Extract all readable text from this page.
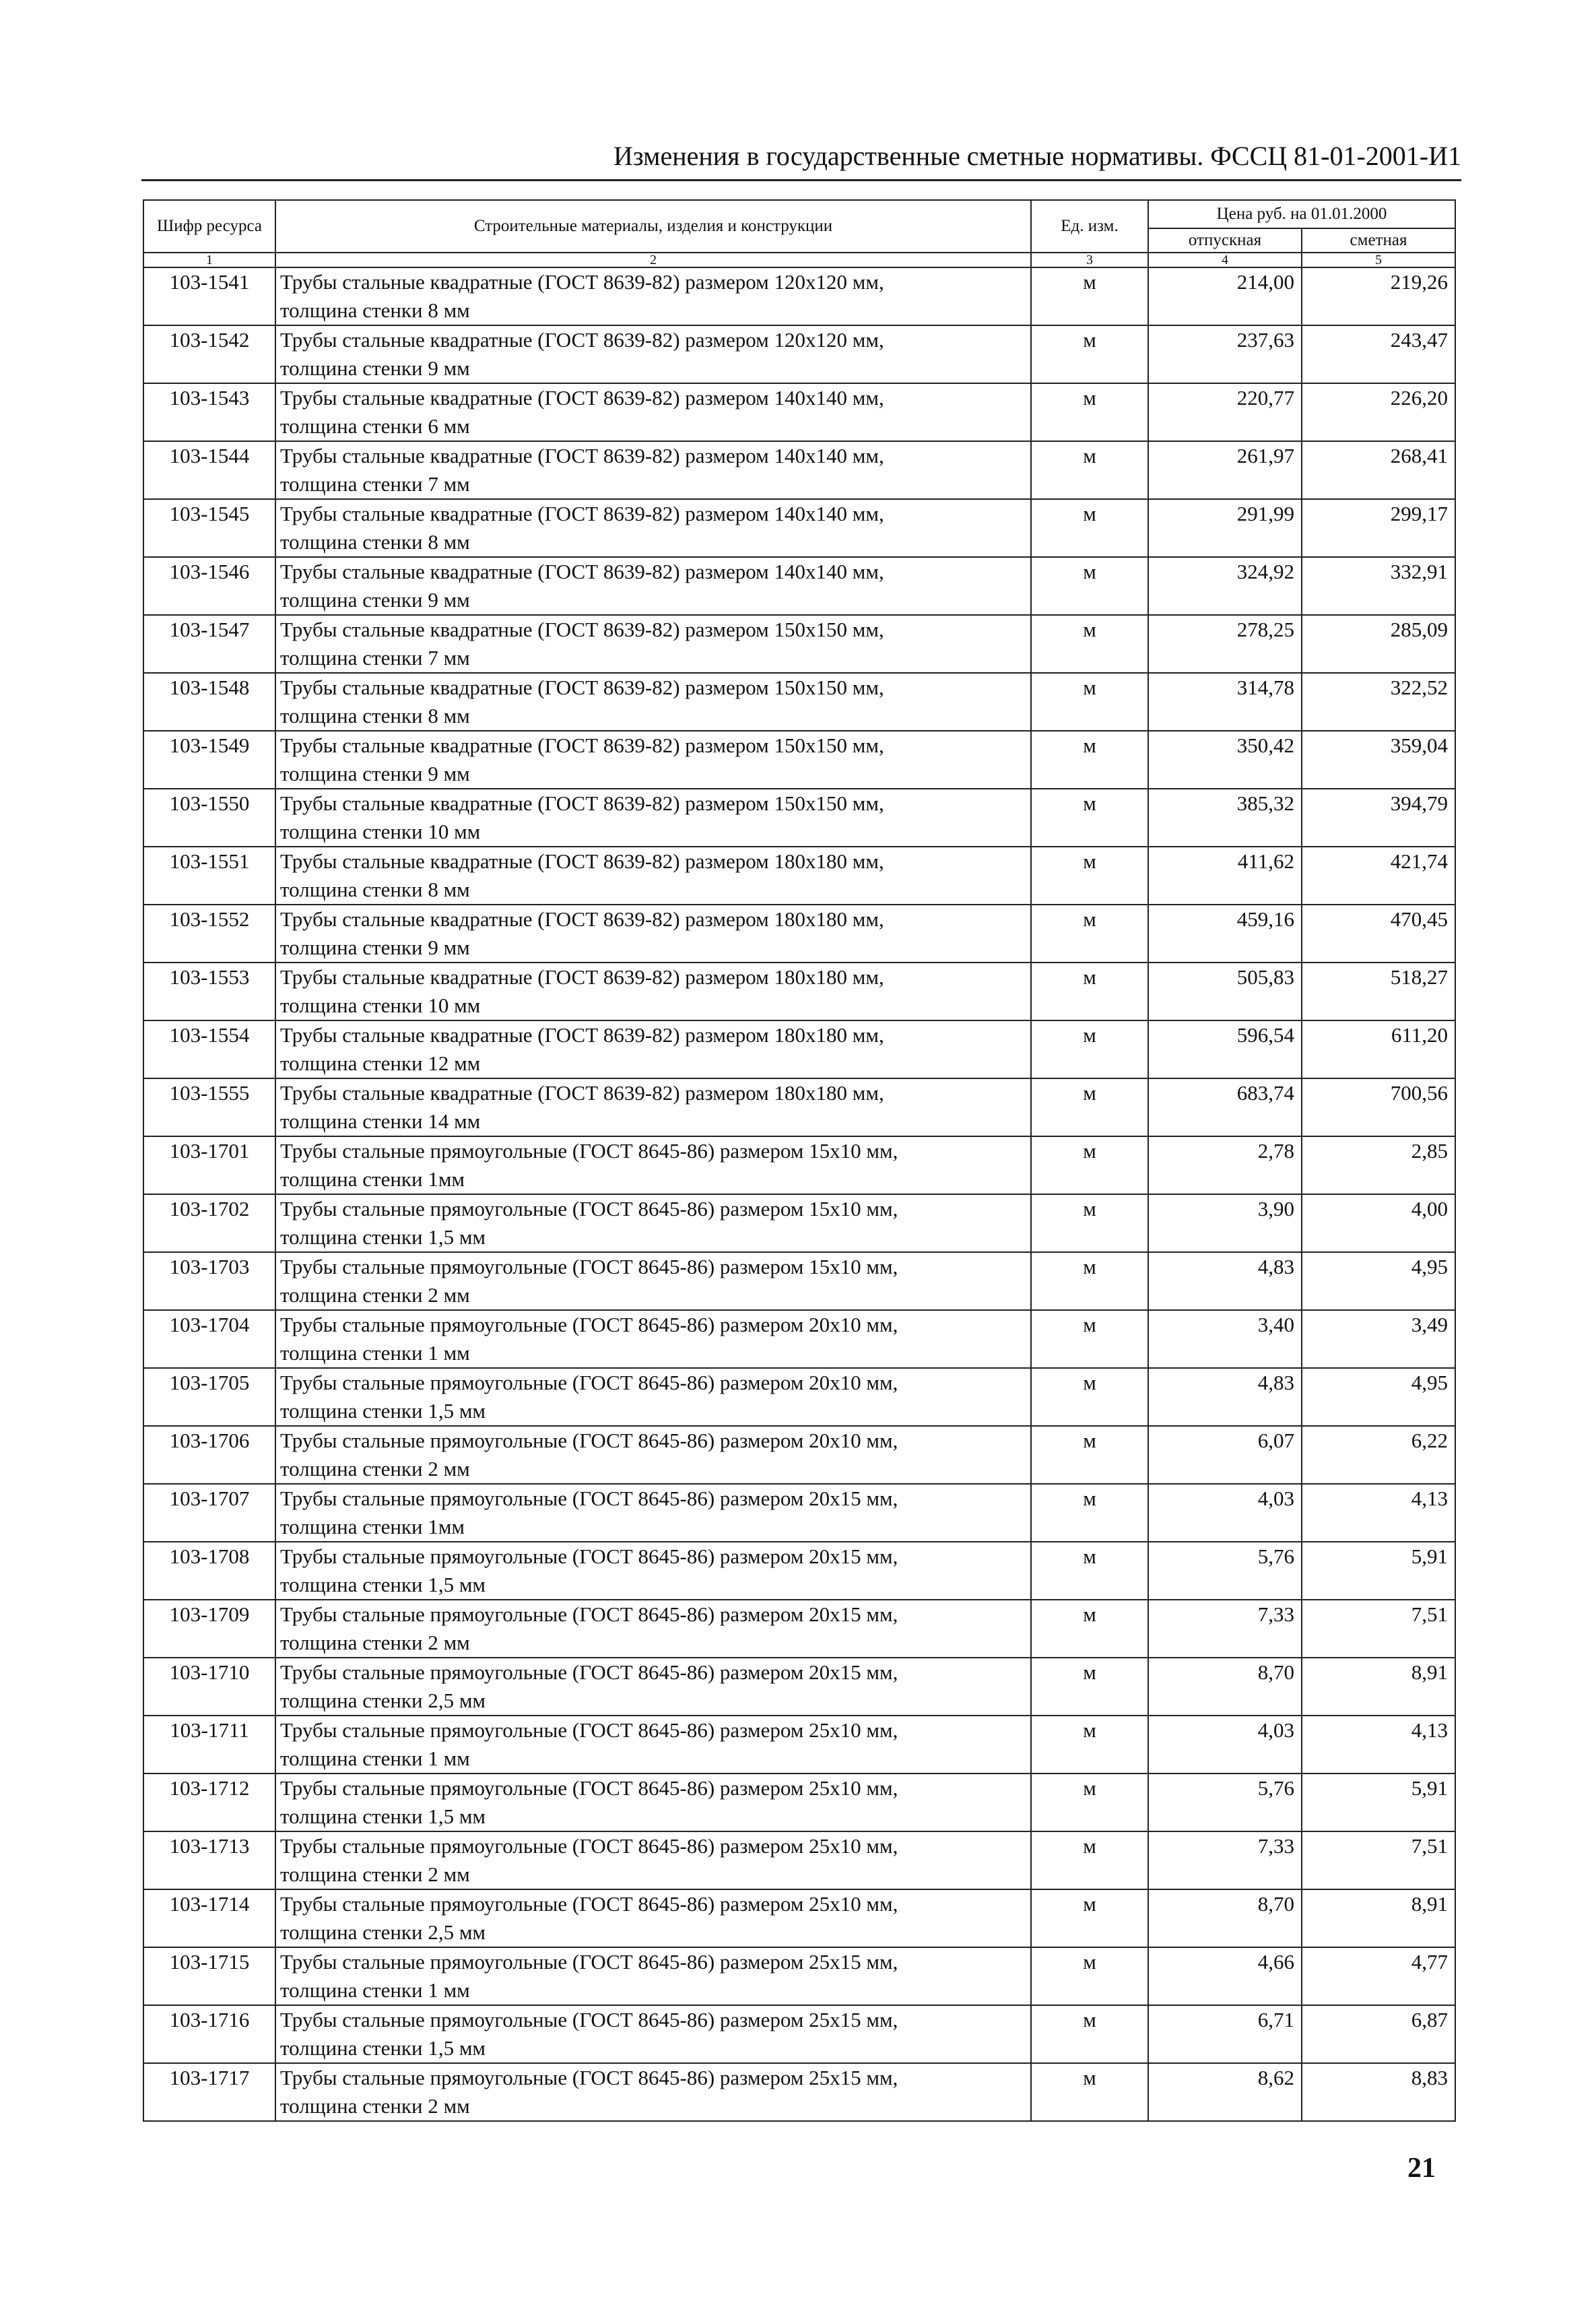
Изменения в государственные сметные нормативы. ФССЦ 81-01-2001-И1
Шифр ресурса	Строительные материалы, изделия и конструкции	Ед. изм.	Цена руб. на 01.01.2000	
			отпускная	сметная
1	2	3	4	5
103-1541	Трубы стальные квадратные (ГОСТ 8639-82) размером 120х120 мм,
толщина стенки 8 мм	м	214,00	219,26
103-1542	Трубы стальные квадратные (ГОСТ 8639-82) размером 120х120 мм,
толщина стенки 9 мм	м	237,63	243,47
103-1543	Трубы стальные квадратные (ГОСТ 8639-82) размером 140х140 мм,
толщина стенки 6 мм	м	220,77	226,20
103-1544	Трубы стальные квадратные (ГОСТ 8639-82) размером 140х140 мм,
толщина стенки 7 мм	м	261,97	268,41
103-1545	Трубы стальные квадратные (ГОСТ 8639-82) размером 140х140 мм,
толщина стенки 8 мм	м	291,99	299,17
103-1546	Трубы стальные квадратные (ГОСТ 8639-82) размером 140х140 мм,
толщина стенки 9 мм	м	324,92	332,91
103-1547	Трубы стальные квадратные (ГОСТ 8639-82) размером 150х150 мм,
толщина стенки 7 мм	м	278,25	285,09
103-1548	Трубы стальные квадратные (ГОСТ 8639-82) размером 150х150 мм,
толщина стенки 8 мм	м	314,78	322,52
103-1549	Трубы стальные квадратные (ГОСТ 8639-82) размером 150х150 мм,
толщина стенки 9 мм	м	350,42	359,04
103-1550	Трубы стальные квадратные (ГОСТ 8639-82) размером 150х150 мм,
толщина стенки 10 мм	м	385,32	394,79
103-1551	Трубы стальные квадратные (ГОСТ 8639-82) размером 180х180 мм,
толщина стенки 8 мм	м	411,62	421,74
103-1552	Трубы стальные квадратные (ГОСТ 8639-82) размером 180х180 мм,
толщина стенки 9 мм	м	459,16	470,45
103-1553	Трубы стальные квадратные (ГОСТ 8639-82) размером 180х180 мм,
толщина стенки 10 мм	м	505,83	518,27
103-1554	Трубы стальные квадратные (ГОСТ 8639-82) размером 180х180 мм,
толщина стенки 12 мм	м	596,54	611,20
103-1555	Трубы стальные квадратные (ГОСТ 8639-82) размером 180х180 мм,
толщина стенки 14 мм	м	683,74	700,56
103-1701	Трубы стальные прямоугольные (ГОСТ 8645-86) размером 15х10 мм,
толщина стенки 1мм	м	2,78	2,85
103-1702	Трубы стальные прямоугольные (ГОСТ 8645-86) размером 15х10 мм,
толщина стенки 1,5 мм	м	3,90	4,00
103-1703	Трубы стальные прямоугольные (ГОСТ 8645-86) размером 15х10 мм,
толщина стенки 2 мм	м	4,83	4,95
103-1704	Трубы стальные прямоугольные (ГОСТ 8645-86) размером 20х10 мм,
толщина стенки 1 мм	м	3,40	3,49
103-1705	Трубы стальные прямоугольные (ГОСТ 8645-86) размером 20х10 мм,
толщина стенки 1,5 мм	м	4,83	4,95
103-1706	Трубы стальные прямоугольные (ГОСТ 8645-86) размером 20х10 мм,
толщина стенки 2 мм	м	6,07	6,22
103-1707	Трубы стальные прямоугольные (ГОСТ 8645-86) размером 20х15 мм,
толщина стенки 1мм	м	4,03	4,13
103-1708	Трубы стальные прямоугольные (ГОСТ 8645-86) размером 20х15 мм,
толщина стенки 1,5 мм	м	5,76	5,91
103-1709	Трубы стальные прямоугольные (ГОСТ 8645-86) размером 20х15 мм,
толщина стенки 2 мм	м	7,33	7,51
103-1710	Трубы стальные прямоугольные (ГОСТ 8645-86) размером 20х15 мм,
толщина стенки 2,5 мм	м	8,70	8,91
103-1711	Трубы стальные прямоугольные (ГОСТ 8645-86) размером 25х10 мм,
толщина стенки 1 мм	м	4,03	4,13
103-1712	Трубы стальные прямоугольные (ГОСТ 8645-86) размером 25х10 мм,
толщина стенки 1,5 мм	м	5,76	5,91
103-1713	Трубы стальные прямоугольные (ГОСТ 8645-86) размером 25х10 мм,
толщина стенки 2 мм	м	7,33	7,51
103-1714	Трубы стальные прямоугольные (ГОСТ 8645-86) размером 25х10 мм,
толщина стенки 2,5 мм	м	8,70	8,91
103-1715	Трубы стальные прямоугольные (ГОСТ 8645-86) размером 25х15 мм,
толщина стенки 1 мм	м	4,66	4,77
103-1716	Трубы стальные прямоугольные (ГОСТ 8645-86) размером 25х15 мм,
толщина стенки 1,5 мм	м	6,71	6,87
103-1717	Трубы стальные прямоугольные (ГОСТ 8645-86) размером 25х15 мм,
толщина стенки 2 мм	м	8,62	8,83
21
